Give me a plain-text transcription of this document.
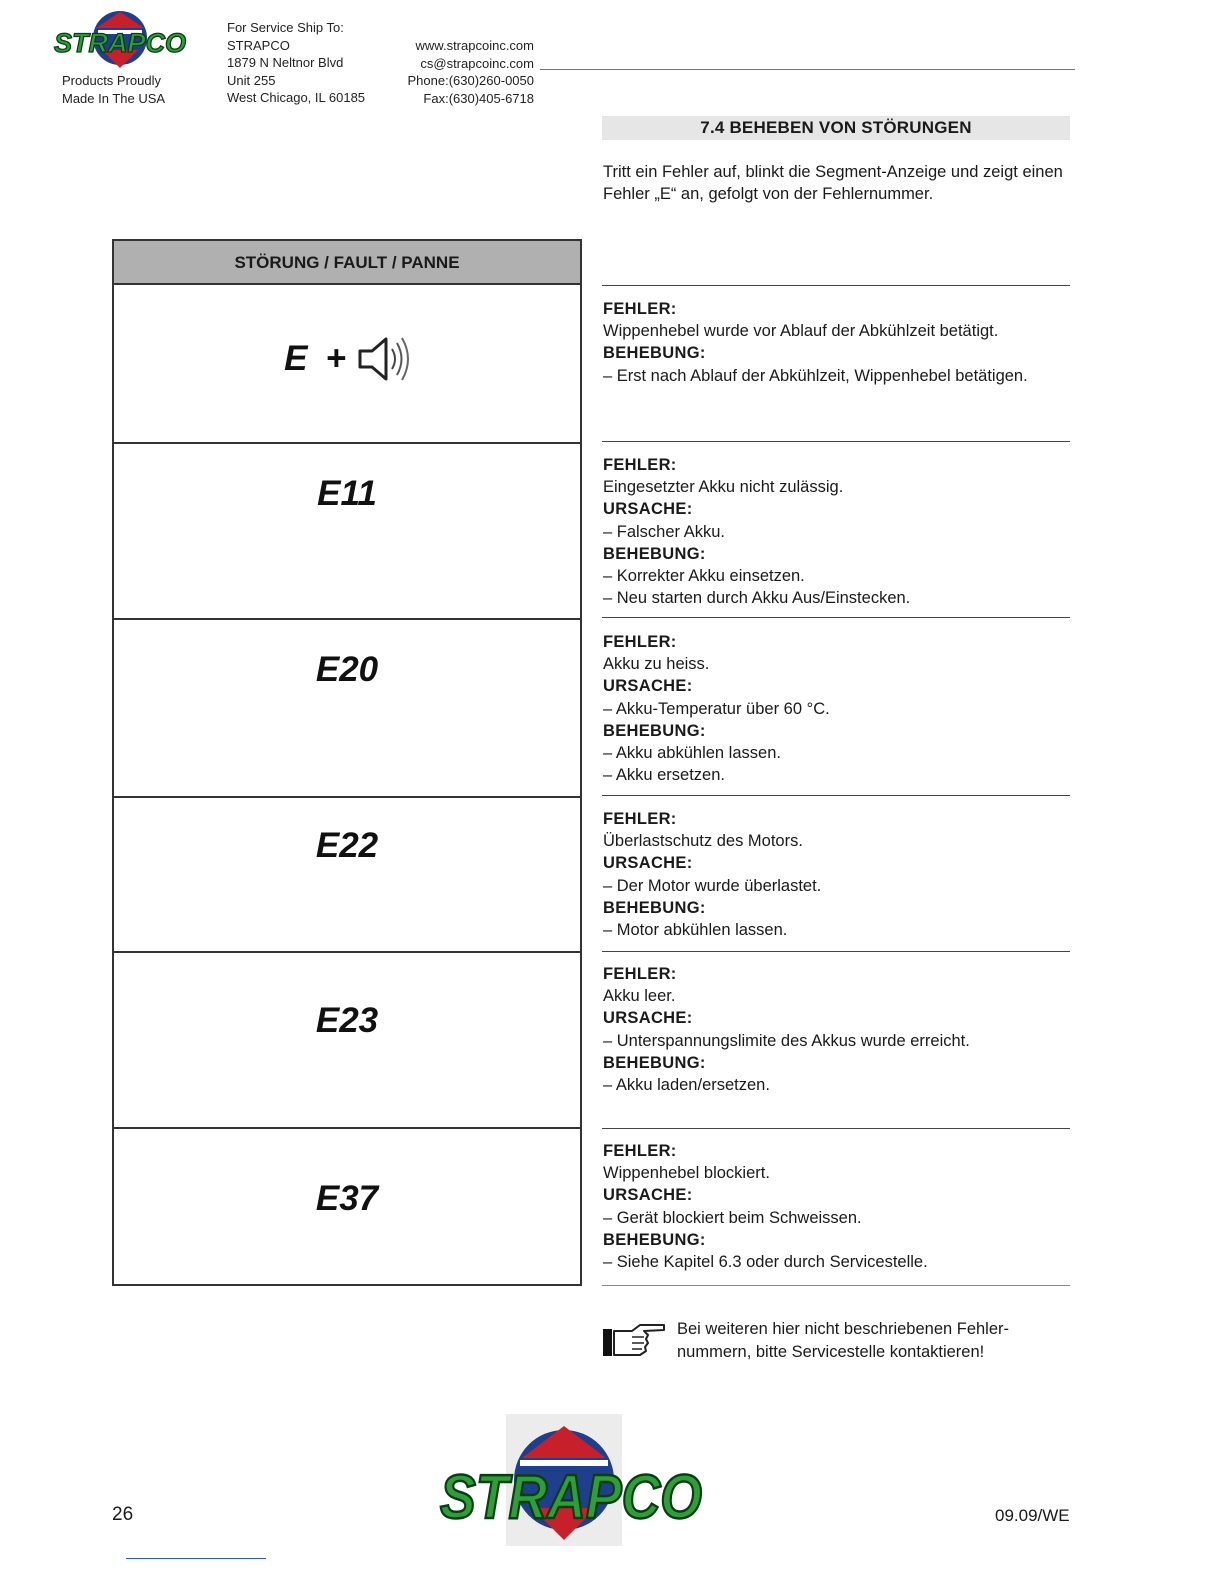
STRAPCO
Products Proudly
Made In The USA
For Service Ship To:
STRAPCO
1879 N Neltnor Blvd
Unit 255
West Chicago, IL 60185
www.strapcoinc.com
cs@strapcoinc.com
Phone:(630)260-0050
Fax:(630)405-6718
7.4 BEHEBEN VON STÖRUNGEN
Tritt ein Fehler auf, blinkt die Segment-Anzeige und zeigt einen Fehler „E“ an, gefolgt von der Fehlernummer.
STÖRUNG / FAULT / PANNE
E +
E11
E20
E22
E23
E37
FEHLER:
Wippenhebel wurde vor Ablauf der Abkühlzeit betätigt.
BEHEBUNG:
– Erst nach Ablauf der Abkühlzeit, Wippenhebel betätigen.
FEHLER:
Eingesetzter Akku nicht zulässig.
URSACHE:
– Falscher Akku.
BEHEBUNG:
– Korrekter Akku einsetzen.
– Neu starten durch Akku Aus/Einstecken.
FEHLER:
Akku zu heiss.
URSACHE:
– Akku-Temperatur über 60 °C.
BEHEBUNG:
– Akku abkühlen lassen.
– Akku ersetzen.
FEHLER:
Überlastschutz des Motors.
URSACHE:
– Der Motor wurde überlastet.
BEHEBUNG:
– Motor abkühlen lassen.
FEHLER:
Akku leer.
URSACHE:
– Unterspannungslimite des Akkus wurde erreicht.
BEHEBUNG:
– Akku laden/ersetzen.
FEHLER:
Wippenhebel blockiert.
URSACHE:
– Gerät blockiert beim Schweissen.
BEHEBUNG:
– Siehe Kapitel 6.3 oder durch Servicestelle.
Bei weiteren hier nicht beschriebenen Fehler-nummern, bitte Servicestelle kontaktieren!
26	09.09/WE
STRAPCO
